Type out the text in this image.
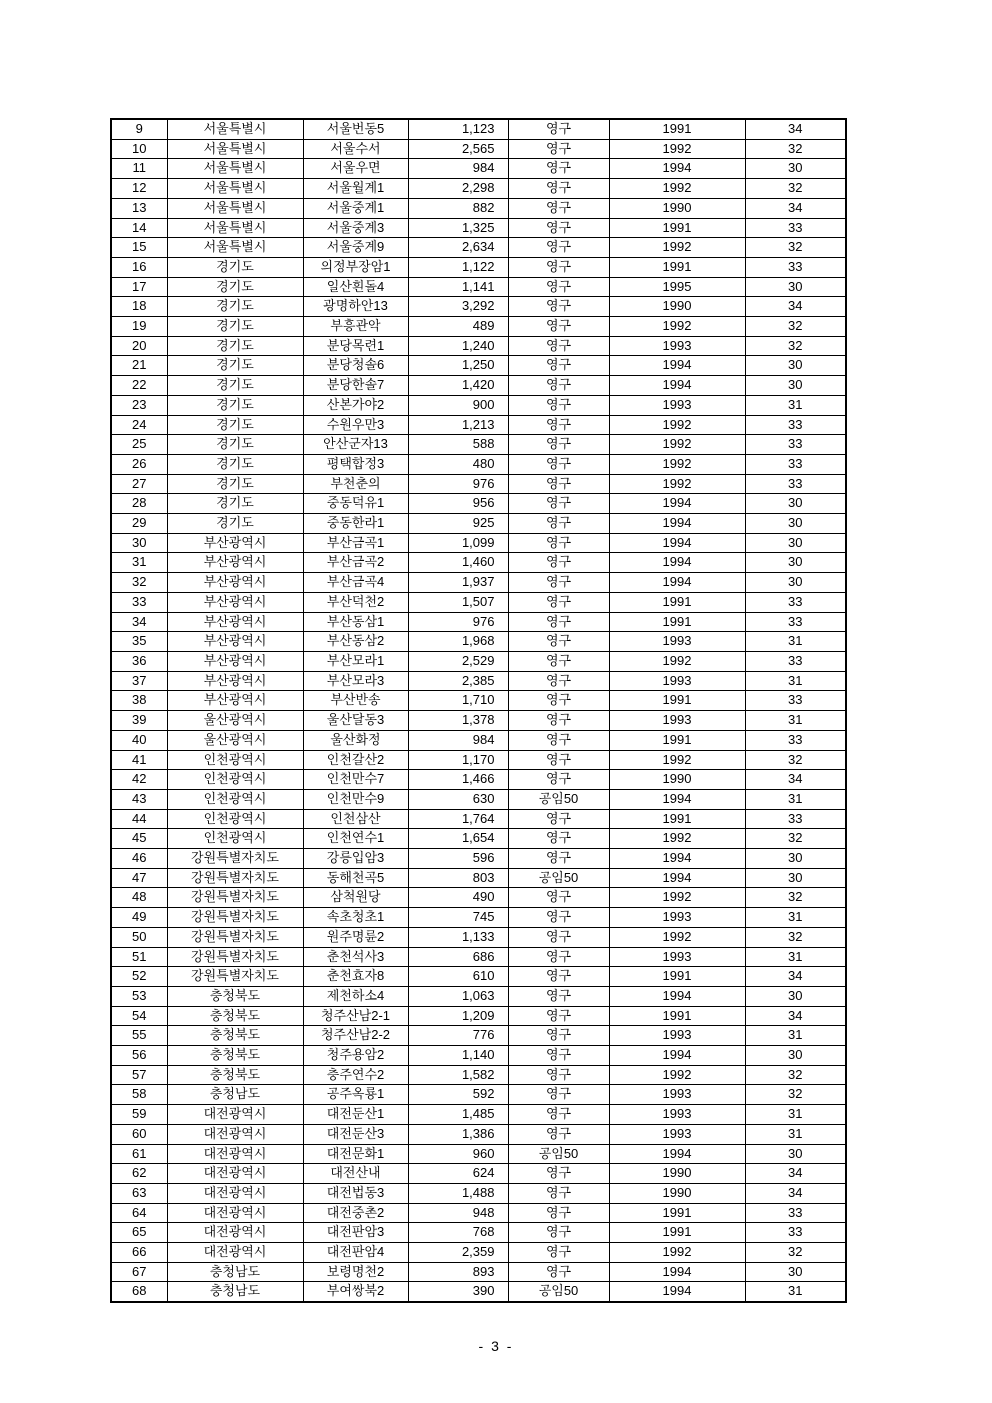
9	서울특별시	서울번동5	1,123	영구	1991	34
10	서울특별시	서울수서	2,565	영구	1992	32
11	서울특별시	서울우면	984	영구	1994	30
12	서울특별시	서울월계1	2,298	영구	1992	32
13	서울특별시	서울중계1	882	영구	1990	34
14	서울특별시	서울중계3	1,325	영구	1991	33
15	서울특별시	서울중계9	2,634	영구	1992	32
16	경기도	의정부장암1	1,122	영구	1991	33
17	경기도	일산흰돌4	1,141	영구	1995	30
18	경기도	광명하안13	3,292	영구	1990	34
19	경기도	부흥관악	489	영구	1992	32
20	경기도	분당목련1	1,240	영구	1993	32
21	경기도	분당청솔6	1,250	영구	1994	30
22	경기도	분당한솔7	1,420	영구	1994	30
23	경기도	산본가야2	900	영구	1993	31
24	경기도	수원우만3	1,213	영구	1992	33
25	경기도	안산군자13	588	영구	1992	33
26	경기도	평택합정3	480	영구	1992	33
27	경기도	부천춘의	976	영구	1992	33
28	경기도	중동덕유1	956	영구	1994	30
29	경기도	중동한라1	925	영구	1994	30
30	부산광역시	부산금곡1	1,099	영구	1994	30
31	부산광역시	부산금곡2	1,460	영구	1994	30
32	부산광역시	부산금곡4	1,937	영구	1994	30
33	부산광역시	부산덕천2	1,507	영구	1991	33
34	부산광역시	부산동삼1	976	영구	1991	33
35	부산광역시	부산동삼2	1,968	영구	1993	31
36	부산광역시	부산모라1	2,529	영구	1992	33
37	부산광역시	부산모라3	2,385	영구	1993	31
38	부산광역시	부산반송	1,710	영구	1991	33
39	울산광역시	울산달동3	1,378	영구	1993	31
40	울산광역시	울산화정	984	영구	1991	33
41	인천광역시	인천갈산2	1,170	영구	1992	32
42	인천광역시	인천만수7	1,466	영구	1990	34
43	인천광역시	인천만수9	630	공임50	1994	31
44	인천광역시	인천삼산	1,764	영구	1991	33
45	인천광역시	인천연수1	1,654	영구	1992	32
46	강원특별자치도	강릉입암3	596	영구	1994	30
47	강원특별자치도	동해천곡5	803	공임50	1994	30
48	강원특별자치도	삼척원당	490	영구	1992	32
49	강원특별자치도	속초청초1	745	영구	1993	31
50	강원특별자치도	원주명륜2	1,133	영구	1992	32
51	강원특별자치도	춘천석사3	686	영구	1993	31
52	강원특별자치도	춘천효자8	610	영구	1991	34
53	충청북도	제천하소4	1,063	영구	1994	30
54	충청북도	청주산남2-1	1,209	영구	1991	34
55	충청북도	청주산남2-2	776	영구	1993	31
56	충청북도	청주용암2	1,140	영구	1994	30
57	충청북도	충주연수2	1,582	영구	1992	32
58	충청남도	공주옥룡1	592	영구	1993	32
59	대전광역시	대전둔산1	1,485	영구	1993	31
60	대전광역시	대전둔산3	1,386	영구	1993	31
61	대전광역시	대전문화1	960	공임50	1994	30
62	대전광역시	대전산내	624	영구	1990	34
63	대전광역시	대전법동3	1,488	영구	1990	34
64	대전광역시	대전중촌2	948	영구	1991	33
65	대전광역시	대전판암3	768	영구	1991	33
66	대전광역시	대전판암4	2,359	영구	1992	32
67	충청남도	보령명천2	893	영구	1994	30
68	충청남도	부여쌍북2	390	공임50	1994	31
- 3 -
